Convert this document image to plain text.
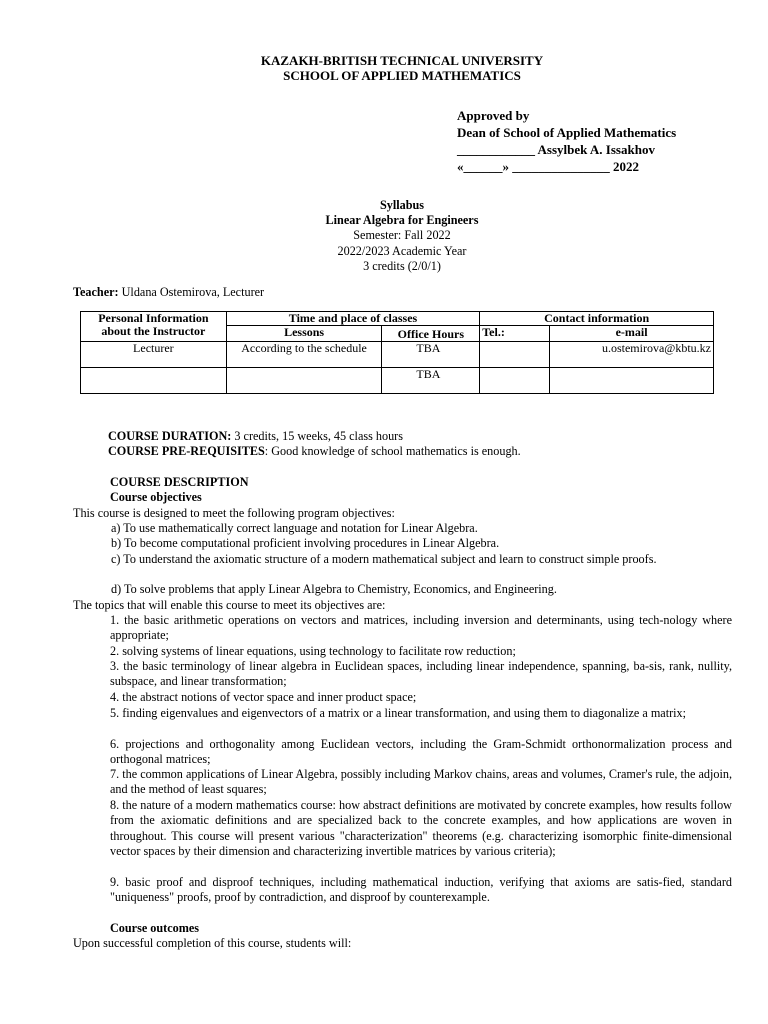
KAZAKH-BRITISH TECHNICAL UNIVERSITY
SCHOOL OF APPLIED MATHEMATICS
Approved by
Dean of School of Applied Mathematics
____________ Assylbek A. Issakhov
«______» _______________ 2022
Syllabus
Linear Algebra for Engineers
Semester: Fall 2022
2022/2023 Academic Year
3 credits (2/0/1)
Teacher: Uldana Ostemirova, Lecturer
Personal Information about the Instructor	Time and place of classes		Contact information	
	Lessons	Office Hours	Tel.:	e-mail
Lecturer	According to the schedule	TBA		u.ostemirova@kbtu.kz
		TBA		
COURSE DURATION: 3 credits, 15 weeks, 45 class hours
COURSE PRE-REQUISITES: Good knowledge of school mathematics is enough.
COURSE DESCRIPTION
Course objectives
This course is designed to meet the following program objectives:
a) To use mathematically correct language and notation for Linear Algebra.
b) To become computational proficient involving procedures in Linear Algebra.
c) To understand the axiomatic structure of a modern mathematical subject and learn to construct simple proofs.
d) To solve problems that apply Linear Algebra to Chemistry, Economics, and Engineering.
The topics that will enable this course to meet its objectives are:
1. the basic arithmetic operations on vectors and matrices, including inversion and determinants, using tech-nology where appropriate;
2. solving systems of linear equations, using technology to facilitate row reduction;
3. the basic terminology of linear algebra in Euclidean spaces, including linear independence, spanning, ba-sis, rank, nullity, subspace, and linear transformation;
4. the abstract notions of vector space and inner product space;
5. finding eigenvalues and eigenvectors of a matrix or a linear transformation, and using them to diagonalize a matrix;
6. projections and orthogonality among Euclidean vectors, including the Gram-Schmidt orthonormalization process and orthogonal matrices;
7. the common applications of Linear Algebra, possibly including Markov chains, areas and volumes, Cramer's rule, the adjoin, and the method of least squares;
8. the nature of a modern mathematics course: how abstract definitions are motivated by concrete examples, how results follow from the axiomatic definitions and are specialized back to the concrete examples, and how applications are woven in throughout. This course will present various "characterization" theorems (e.g. characterizing isomorphic finite-dimensional vector spaces by their dimension and characterizing invertible matrices by various criteria);
9. basic proof and disproof techniques, including mathematical induction, verifying that axioms are satis-fied, standard "uniqueness" proofs, proof by contradiction, and disproof by counterexample.
Course outcomes
Upon successful completion of this course, students will:
